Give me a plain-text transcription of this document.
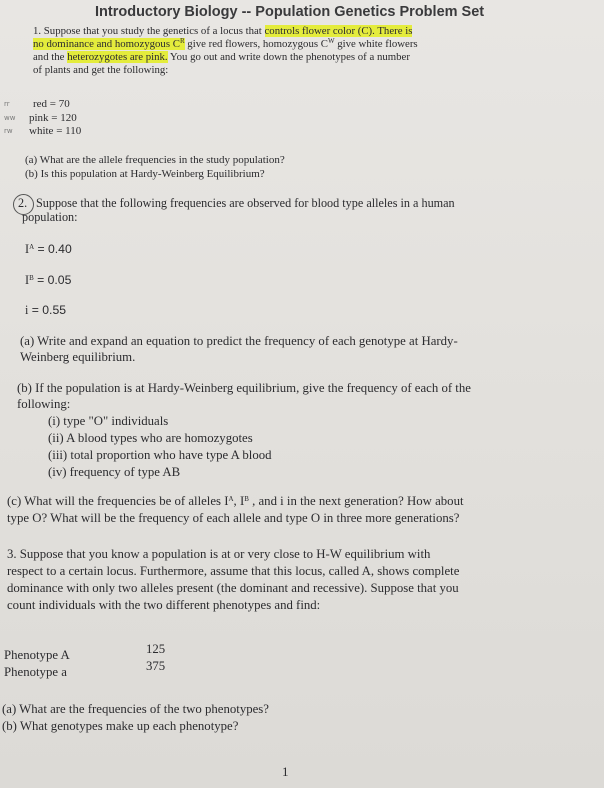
Introductory Biology -- Population Genetics Problem Set
1. Suppose that you study the genetics of a locus that controls flower color (C). There is
no dominance and homozygous $C^R$ give red flowers, homozygous $C^W$ give white flowers
and the heterozygotes are pink. You go out and write down the phenotypes of a number
of plants and get the following:
rr red = 70
ww pink = 120
rw white = 110
(a) What are the allele frequencies in the study population?
(b) Is this population at Hardy-Weinberg Equilibrium?
2. Suppose that the following frequencies are observed for blood type alleles in a human
population:
$I^A = 0.40$
$I^B = 0.05$
i = 0.55
(a) Write and expand an equation to predict the frequency of each genotype at Hardy-
Weinberg equilibrium.
(b) If the population is at Hardy-Weinberg equilibrium, give the frequency of each of the
following:
(i) type "O" individuals
(ii) A blood types who are homozygotes
(iii) total proportion who have type A blood
(iv) frequency of type AB
(c) What will the frequencies be of alleles $I^A$, $I^B$ , and i in the next generation? How about
type O? What will be the frequency of each allele and type O in three more generations?
3. Suppose that you know a population is at or very close to H-W equilibrium with
respect to a certain locus. Furthermore, assume that this locus, called A, shows complete
dominance with only two alleles present (the dominant and recessive). Suppose that you
count individuals with the two different phenotypes and find:
Phenotype A	125
Phenotype a	375
(a) What are the frequencies of the two phenotypes?
(b) What genotypes make up each phenotype?
1
